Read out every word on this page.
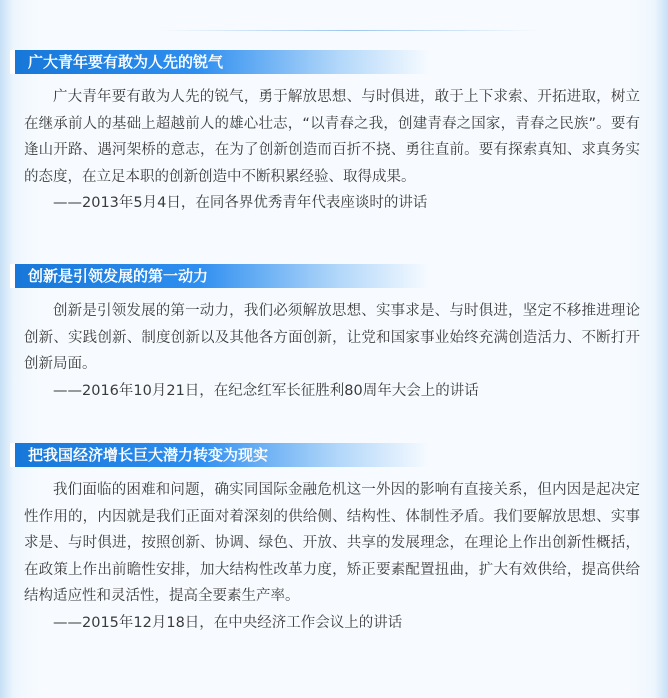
广大青年要有敢为人先的锐气
广大青年要有敢为人先的锐气，勇于解放思想、与时俱进，敢于上下求索、开拓进取，树立在继承前人的基础上超越前人的雄心壮志，“以青春之我，创建青春之国家，青春之民族”。要有逢山开路、遇河架桥的意志，在为了创新创造而百折不挠、勇往直前。要有探索真知、求真务实的态度，在立足本职的创新创造中不断积累经验、取得成果。
——2013年5月4日，在同各界优秀青年代表座谈时的讲话
创新是引领发展的第一动力
创新是引领发展的第一动力，我们必须解放思想、实事求是、与时俱进，坚定不移推进理论创新、实践创新、制度创新以及其他各方面创新，让党和国家事业始终充满创造活力、不断打开创新局面。
——2016年10月21日，在纪念红军长征胜利80周年大会上的讲话
把我国经济增长巨大潜力转变为现实
我们面临的困难和问题，确实同国际金融危机这一外因的影响有直接关系，但内因是起决定性作用的，内因就是我们正面对着深刻的供给侧、结构性、体制性矛盾。我们要解放思想、实事求是、与时俱进，按照创新、协调、绿色、开放、共享的发展理念，在理论上作出创新性概括，在政策上作出前瞻性安排，加大结构性改革力度，矫正要素配置扭曲，扩大有效供给，提高供给结构适应性和灵活性，提高全要素生产率。
——2015年12月18日，在中央经济工作会议上的讲话
